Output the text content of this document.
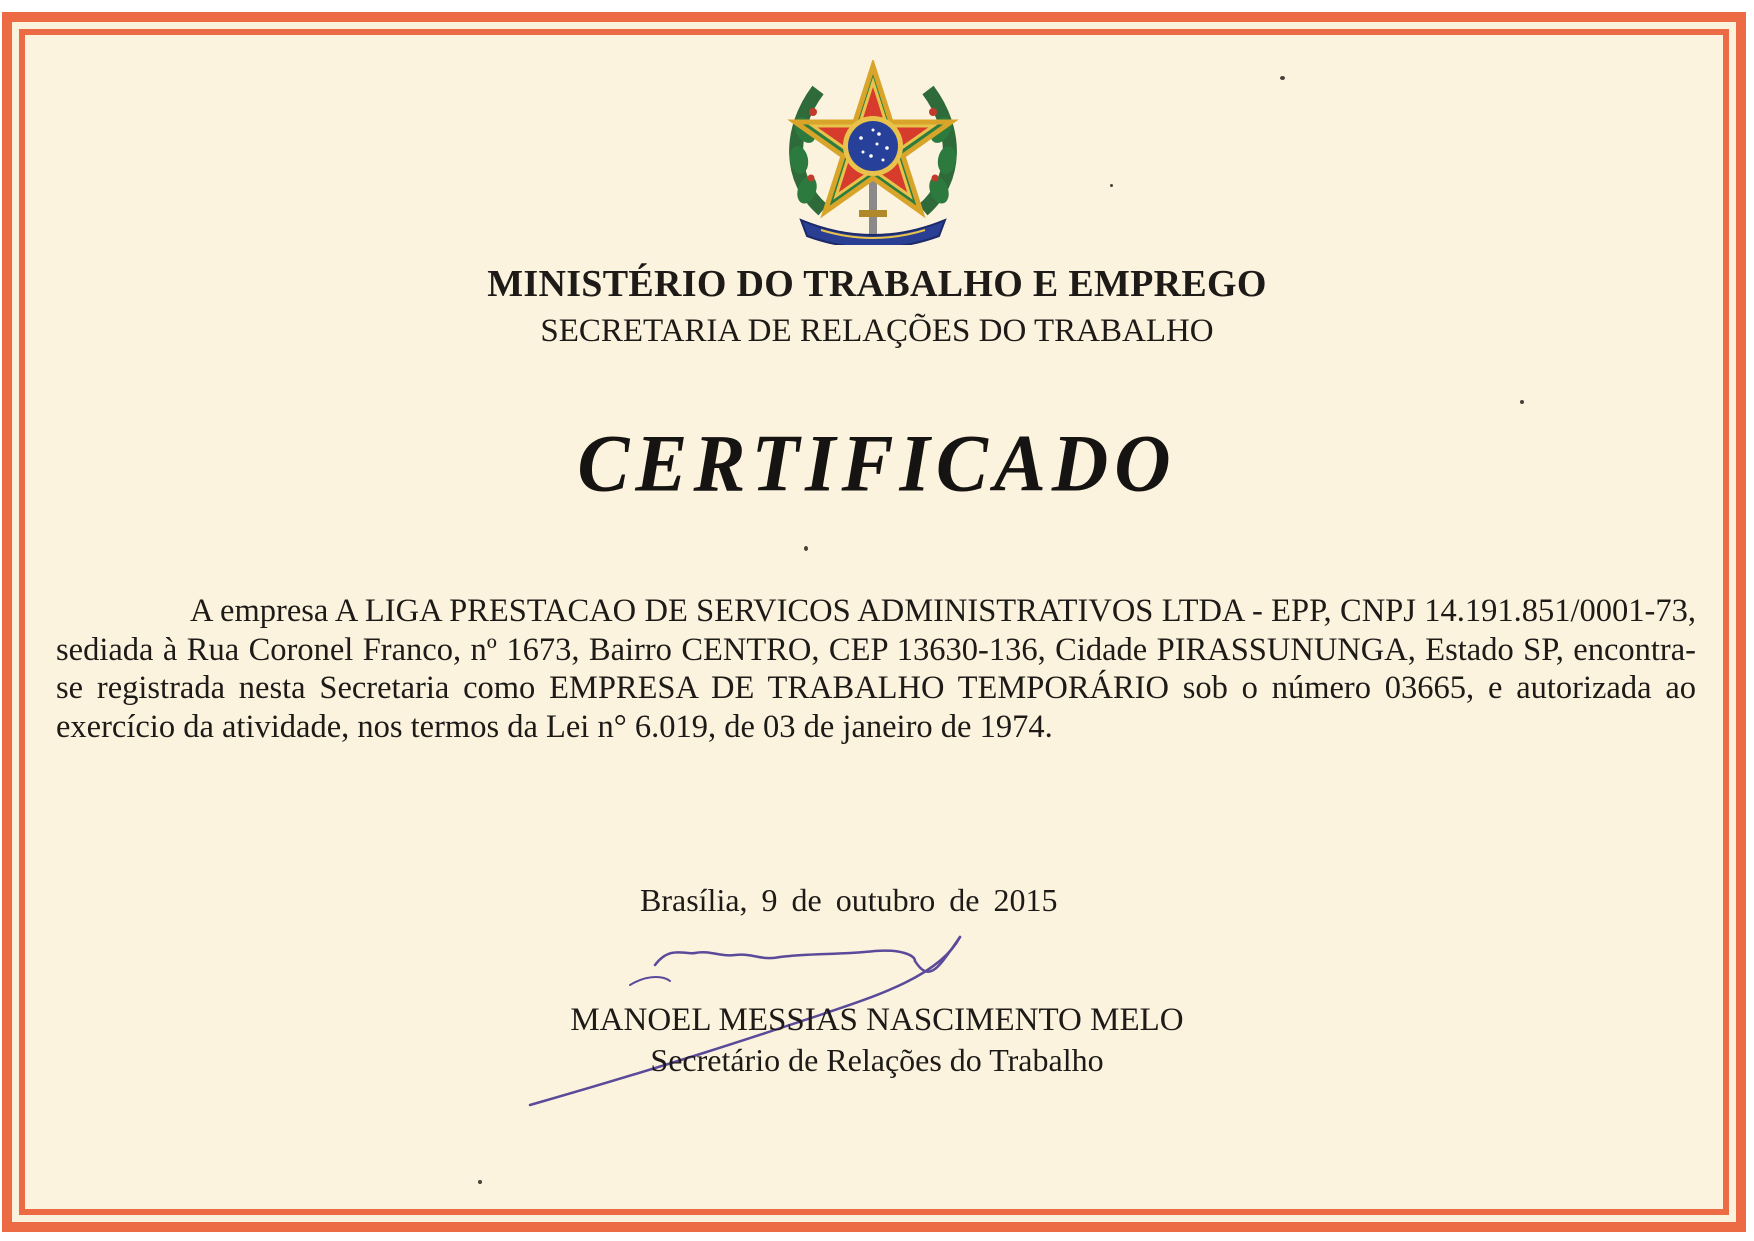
MINISTÉRIO DO TRABALHO E EMPREGO
SECRETARIA DE RELAÇÕES DO TRABALHO
CERTIFICADO
A empresa A LIGA PRESTACAO DE SERVICOS ADMINISTRATIVOS LTDA - EPP, CNPJ 14.191.851/0001-73, sediada à Rua Coronel Franco, nº 1673, Bairro CENTRO, CEP 13630-136, Cidade PIRASSUNUNGA, Estado SP, encontra-se registrada nesta Secretaria como EMPRESA DE TRABALHO TEMPORÁRIO sob o número 03665, e autorizada ao exercício da atividade, nos termos da Lei n° 6.019, de 03 de janeiro de 1974.
Brasília, 9 de outubro de 2015
MANOEL MESSIAS NASCIMENTO MELO
Secretário de Relações do Trabalho
